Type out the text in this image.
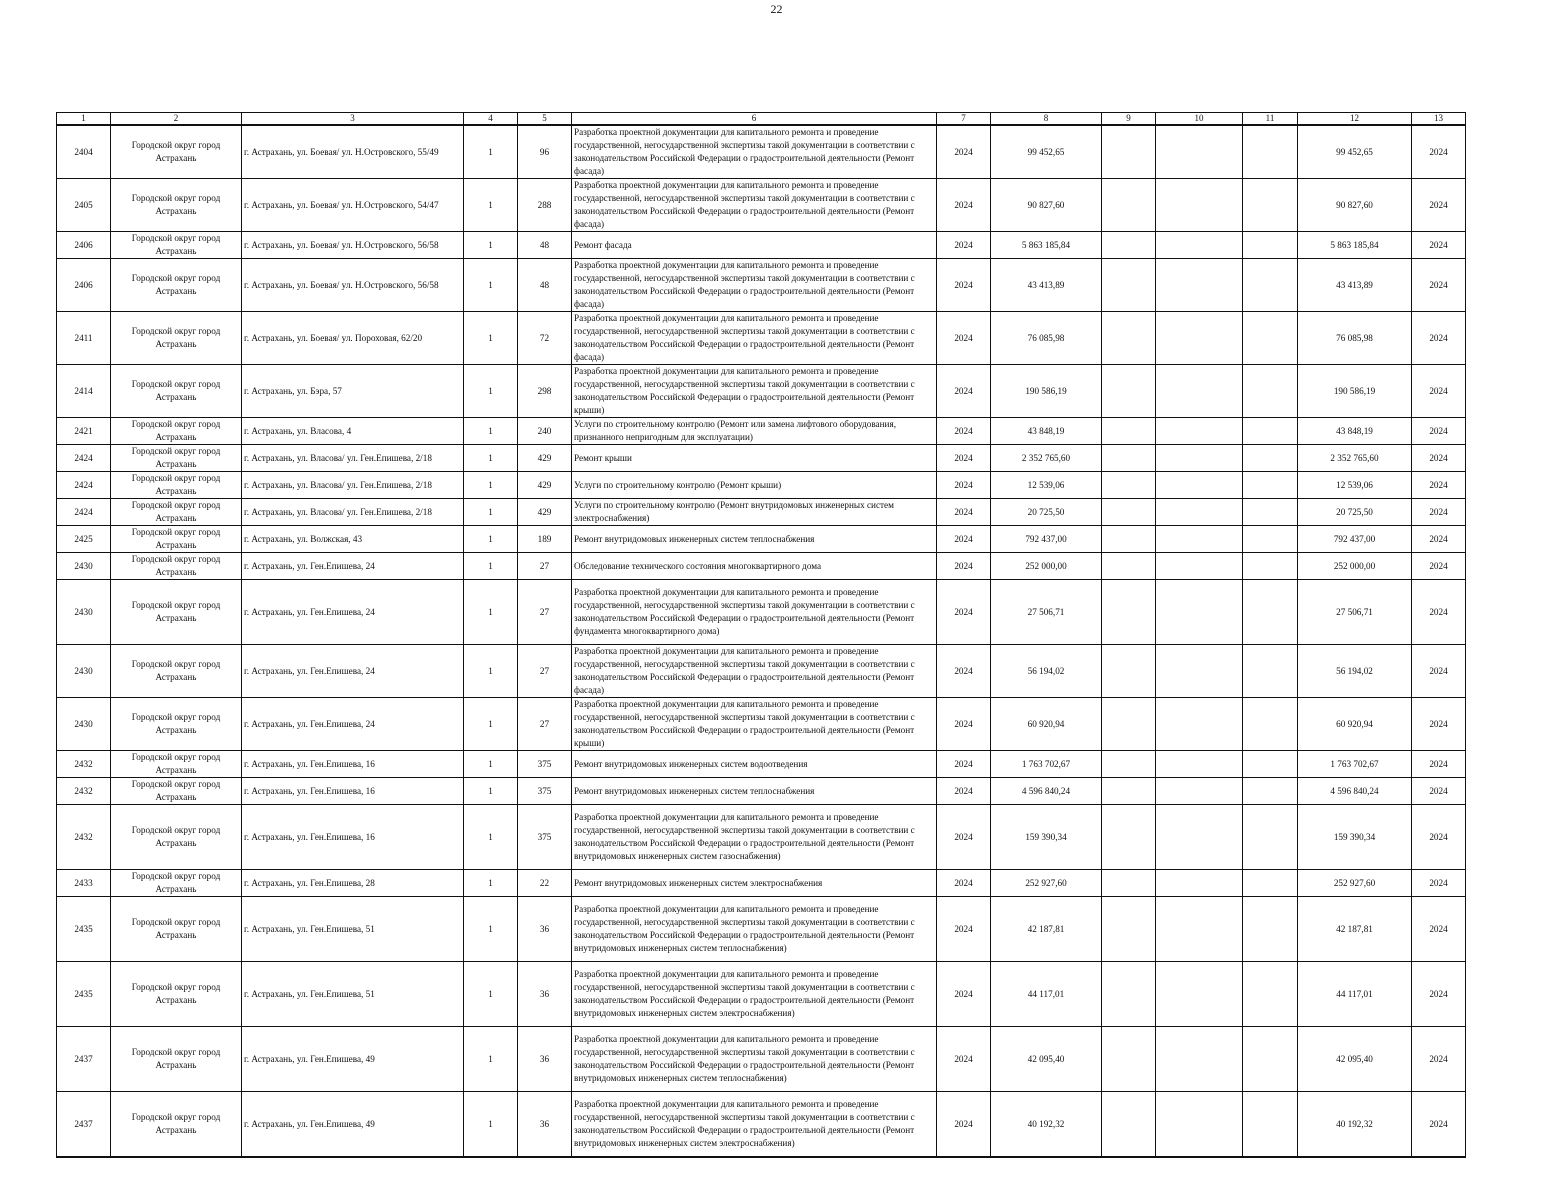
22
1	2	3	4	5	6	7	8	9	10	11	12	13
2404	Городской округ город Астрахань	г. Астрахань, ул. Боевая/ ул. Н.Островского, 55/49	1	96	Разработка проектной документации для капитального ремонта и проведение государственной, негосударственной экспертизы такой документации в соответствии с законодательством Российской Федерации о градостроительной деятельности (Ремонт фасада)	2024	99 452,65				99 452,65	2024
2405	Городской округ город Астрахань	г. Астрахань, ул. Боевая/ ул. Н.Островского, 54/47	1	288	Разработка проектной документации для капитального ремонта и проведение государственной, негосударственной экспертизы такой документации в соответствии с законодательством Российской Федерации о градостроительной деятельности (Ремонт фасада)	2024	90 827,60				90 827,60	2024
2406	Городской округ город Астрахань	г. Астрахань, ул. Боевая/ ул. Н.Островского, 56/58	1	48	Ремонт фасада	2024	5 863 185,84				5 863 185,84	2024
2406	Городской округ город Астрахань	г. Астрахань, ул. Боевая/ ул. Н.Островского, 56/58	1	48	Разработка проектной документации для капитального ремонта и проведение государственной, негосударственной экспертизы такой документации в соответствии с законодательством Российской Федерации о градостроительной деятельности (Ремонт фасада)	2024	43 413,89				43 413,89	2024
2411	Городской округ город Астрахань	г. Астрахань, ул. Боевая/ ул. Пороховая, 62/20	1	72	Разработка проектной документации для капитального ремонта и проведение государственной, негосударственной экспертизы такой документации в соответствии с законодательством Российской Федерации о градостроительной деятельности (Ремонт фасада)	2024	76 085,98				76 085,98	2024
2414	Городской округ город Астрахань	г. Астрахань, ул. Бэра, 57	1	298	Разработка проектной документации для капитального ремонта и проведение государственной, негосударственной экспертизы такой документации в соответствии с законодательством Российской Федерации о градостроительной деятельности (Ремонт крыши)	2024	190 586,19				190 586,19	2024
2421	Городской округ город Астрахань	г. Астрахань, ул. Власова, 4	1	240	Услуги по строительному контролю (Ремонт или замена лифтового оборудования, признанного непригодным для эксплуатации)	2024	43 848,19				43 848,19	2024
2424	Городской округ город Астрахань	г. Астрахань, ул. Власова/ ул. Ген.Епишева, 2/18	1	429	Ремонт крыши	2024	2 352 765,60				2 352 765,60	2024
2424	Городской округ город Астрахань	г. Астрахань, ул. Власова/ ул. Ген.Епишева, 2/18	1	429	Услуги по строительному контролю (Ремонт крыши)	2024	12 539,06				12 539,06	2024
2424	Городской округ город Астрахань	г. Астрахань, ул. Власова/ ул. Ген.Епишева, 2/18	1	429	Услуги по строительному контролю (Ремонт внутридомовых инженерных систем электроснабжения)	2024	20 725,50				20 725,50	2024
2425	Городской округ город Астрахань	г. Астрахань, ул. Волжская, 43	1	189	Ремонт внутридомовых инженерных систем теплоснабжения	2024	792 437,00				792 437,00	2024
2430	Городской округ город Астрахань	г. Астрахань, ул. Ген.Епишева, 24	1	27	Обследование технического состояния многоквартирного дома	2024	252 000,00				252 000,00	2024
2430	Городской округ город Астрахань	г. Астрахань, ул. Ген.Епишева, 24	1	27	Разработка проектной документации для капитального ремонта и проведение государственной, негосударственной экспертизы такой документации в соответствии с законодательством Российской Федерации о градостроительной деятельности (Ремонт фундамента многоквартирного дома)	2024	27 506,71				27 506,71	2024
2430	Городской округ город Астрахань	г. Астрахань, ул. Ген.Епишева, 24	1	27	Разработка проектной документации для капитального ремонта и проведение государственной, негосударственной экспертизы такой документации в соответствии с законодательством Российской Федерации о градостроительной деятельности (Ремонт фасада)	2024	56 194,02				56 194,02	2024
2430	Городской округ город Астрахань	г. Астрахань, ул. Ген.Епишева, 24	1	27	Разработка проектной документации для капитального ремонта и проведение государственной, негосударственной экспертизы такой документации в соответствии с законодательством Российской Федерации о градостроительной деятельности (Ремонт крыши)	2024	60 920,94				60 920,94	2024
2432	Городской округ город Астрахань	г. Астрахань, ул. Ген.Епишева, 16	1	375	Ремонт внутридомовых инженерных систем водоотведения	2024	1 763 702,67				1 763 702,67	2024
2432	Городской округ город Астрахань	г. Астрахань, ул. Ген.Епишева, 16	1	375	Ремонт внутридомовых инженерных систем теплоснабжения	2024	4 596 840,24				4 596 840,24	2024
2432	Городской округ город Астрахань	г. Астрахань, ул. Ген.Епишева, 16	1	375	Разработка проектной документации для капитального ремонта и проведение государственной, негосударственной экспертизы такой документации в соответствии с законодательством Российской Федерации о градостроительной деятельности (Ремонт внутридомовых инженерных систем газоснабжения)	2024	159 390,34				159 390,34	2024
2433	Городской округ город Астрахань	г. Астрахань, ул. Ген.Епишева, 28	1	22	Ремонт внутридомовых инженерных систем электроснабжения	2024	252 927,60				252 927,60	2024
2435	Городской округ город Астрахань	г. Астрахань, ул. Ген.Епишева, 51	1	36	Разработка проектной документации для капитального ремонта и проведение государственной, негосударственной экспертизы такой документации в соответствии с законодательством Российской Федерации о градостроительной деятельности (Ремонт внутридомовых инженерных систем теплоснабжения)	2024	42 187,81				42 187,81	2024
2435	Городской округ город Астрахань	г. Астрахань, ул. Ген.Епишева, 51	1	36	Разработка проектной документации для капитального ремонта и проведение государственной, негосударственной экспертизы такой документации в соответствии с законодательством Российской Федерации о градостроительной деятельности (Ремонт внутридомовых инженерных систем электроснабжения)	2024	44 117,01				44 117,01	2024
2437	Городской округ город Астрахань	г. Астрахань, ул. Ген.Епишева, 49	1	36	Разработка проектной документации для капитального ремонта и проведение государственной, негосударственной экспертизы такой документации в соответствии с законодательством Российской Федерации о градостроительной деятельности (Ремонт внутридомовых инженерных систем теплоснабжения)	2024	42 095,40				42 095,40	2024
2437	Городской округ город Астрахань	г. Астрахань, ул. Ген.Епишева, 49	1	36	Разработка проектной документации для капитального ремонта и проведение государственной, негосударственной экспертизы такой документации в соответствии с законодательством Российской Федерации о градостроительной деятельности (Ремонт внутридомовых инженерных систем электроснабжения)	2024	40 192,32				40 192,32	2024
